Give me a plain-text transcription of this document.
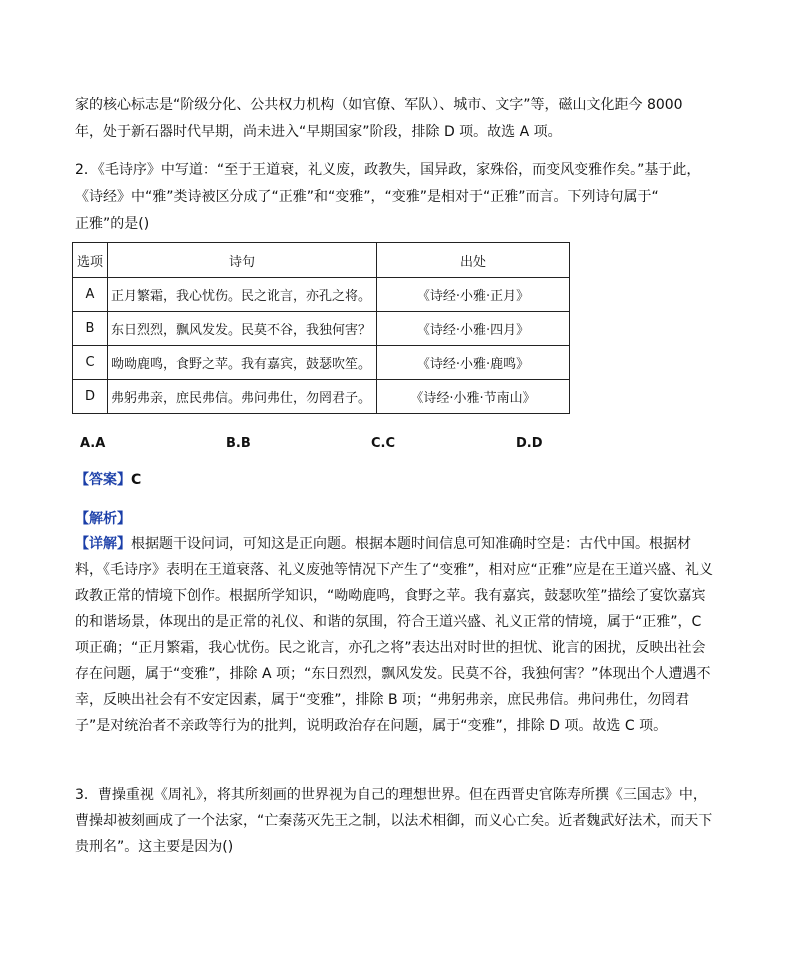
家的核心标志是“阶级分化、公共权力机构（如官僚、军队）、城市、文字”等，磁山文化距今 8000
年，处于新石器时代早期，尚未进入“早期国家”阶段，排除 D 项。故选 A 项。
2．《毛诗序》中写道：“至于王道衰，礼义废，政教失，国异政，家殊俗，而变风变雅作矣。”基于此，
《诗经》中“雅”类诗被区分成了“正雅”和“变雅”，“变雅”是相对于“正雅”而言。下列诗句属于“
正雅”的是()
选项	诗句	出处
A	正月繁霜，我心忧伤。民之讹言，亦孔之将。	《诗经·小雅·正月》
B	东日烈烈，飘风发发。民莫不谷，我独何害？	《诗经·小雅·四月》
C	呦呦鹿鸣，食野之苹。我有嘉宾，鼓瑟吹笙。	《诗经·小雅·鹿鸣》
D	弗躬弗亲，庶民弗信。弗问弗仕，勿罔君子。	《诗经·小雅·节南山》
A.A	B.B	C.C	D.D
【答案】C
【解析】
【详解】根据题干设问词，可知这是正向题。根据本题时间信息可知准确时空是：古代中国。根据材料，《毛诗序》表明在王道衰落、礼义废弛等情况下产生了“变雅”，相对应“正雅”应是在王道兴盛、礼义政教正常的情境下创作。根据所学知识，“呦呦鹿鸣，食野之苹。我有嘉宾，鼓瑟吹笙”描绘了宴饮嘉宾的和谐场景，体现出的是正常的礼仪、和谐的氛围，符合王道兴盛、礼义正常的情境，属于“正雅”，C 项正确；“正月繁霜，我心忧伤。民之讹言，亦孔之将”表达出对时世的担忧、讹言的困扰，反映出社会存在问题，属于“变雅”，排除 A 项；“东日烈烈，飘风发发。民莫不谷，我独何害？”体现出个人遭遇不幸，反映出社会有不安定因素，属于“变雅”，排除 B 项；“弗躬弗亲，庶民弗信。弗问弗仕，勿罔君子”是对统治者不亲政等行为的批判，说明政治存在问题，属于“变雅”，排除 D 项。故选 C 项。
3．曹操重视《周礼》，将其所刻画的世界视为自己的理想世界。但在西晋史官陈寿所撰《三国志》中，曹操却被刻画成了一个法家，“亡秦荡灭先王之制，以法术相御，而义心亡矣。近者魏武好法术，而天下贵刑名”。这主要是因为()
